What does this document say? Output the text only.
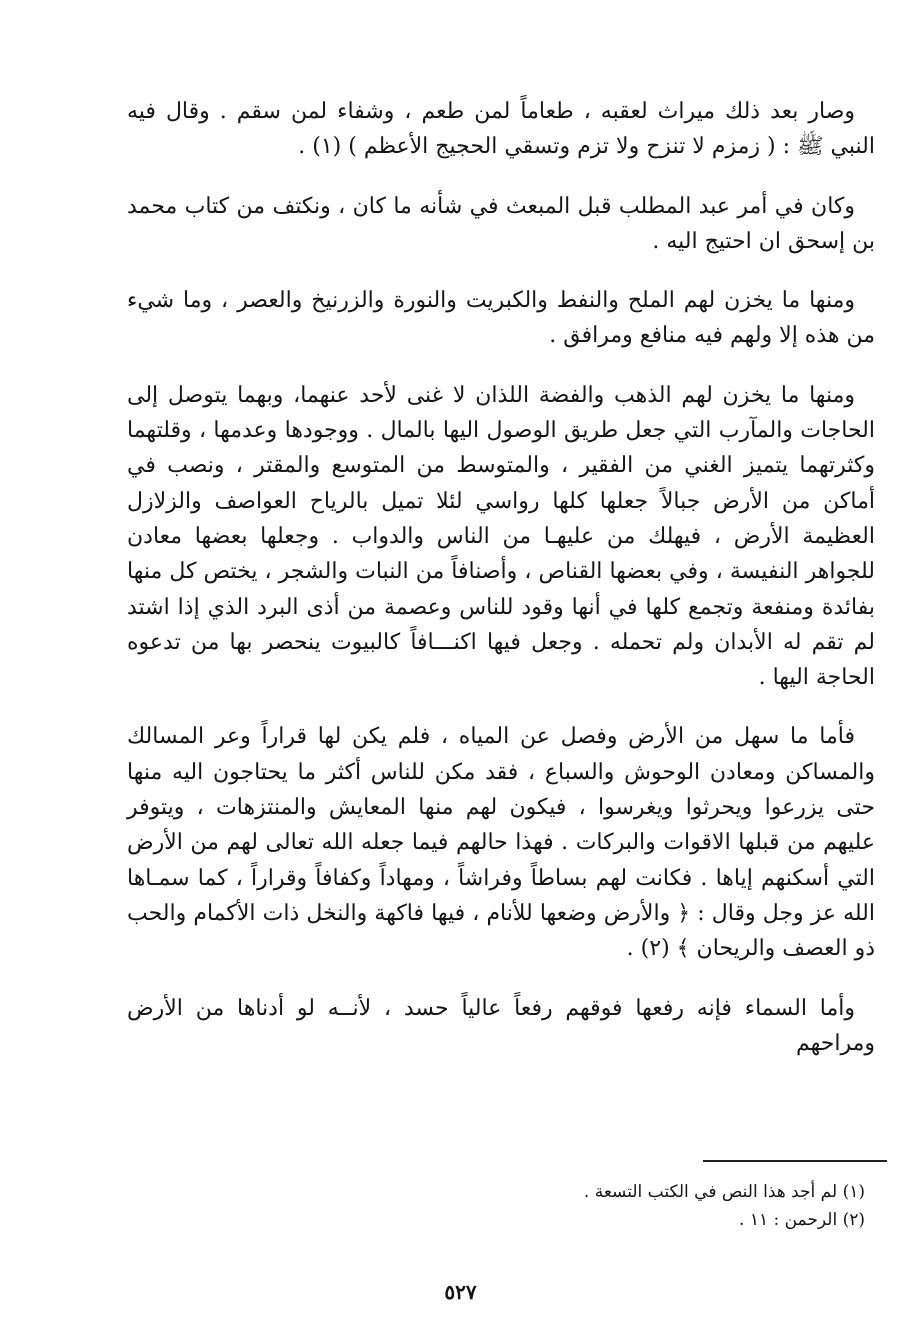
وصار بعد ذلك ميراث لعقبه ، طعاماً لمن طعم ، وشفاء لمن سقم . وقال فيه النبي ﷺ : ( زمزم لا تنزح ولا تزم وتسقي الحجيج الأعظم ) (١) .

وكان في أمر عبد المطلب قبل المبعث في شأنه ما كان ، ونكتف من كتاب محمد بن إسحق ان احتيج اليه .

ومنها ما يخزن لهم الملح والنفط والكبريت والنورة والزرنيخ والعصر ، وما شيء من هذه إلا ولهم فيه منافع ومرافق .

ومنها ما يخزن لهم الذهب والفضة اللذان لا غنى لأحد عنهما، وبهما يتوصل إلى الحاجات والمآرب التي جعل طريق الوصول اليها بالمال . ووجودها وعدمها ، وقلتهما وكثرتهما يتميز الغني من الفقير ، والمتوسط من المتوسع والمقتر ، ونصب في أماكن من الأرض جبالاً جعلها كلها رواسي لئلا تميل بالرياح العواصف والزلازل العظيمة الأرض ، فيهلك من عليهـا من الناس والدواب . وجعلها بعضها معادن للجواهر النفيسة ، وفي بعضها القناص ، وأصنافاً من النبات والشجر ، يختص كل منها بفائدة ومنفعة وتجمع كلها في أنها وقود للناس وعصمة من أذى البرد الذي إذا اشتد لم تقم له الأبدان ولم تحمله . وجعل فيها اكنـــافاً كالبيوت ينحصر بها من تدعوه الحاجة اليها .

فأما ما سهل من الأرض وفصل عن المياه ، فلم يكن لها قراراً وعر المسالك والمساكن ومعادن الوحوش والسباع ، فقد مكن للناس أكثر ما يحتاجون اليه منها حتى يزرعوا ويحرثوا ويغرسوا ، فيكون لهم منها المعايش والمنتزهات ، ويتوفر عليهم من قبلها الاقوات والبركات . فهذا حالهم فيما جعله الله تعالى لهم من الأرض التي أسكنهم إياها . فكانت لهم بساطاً وفراشاً ، ومهاداً وكفافاً وقراراً ، كما سمـاها الله عز وجل وقال : ﴿ والأرض وضعها للأنام ، فيها فاكهة والنخل ذات الأكمام والحب ذو العصف والريحان ﴾ (٢) .

وأما السماء فإنه رفعها فوقهم رفعاً عالياً حسد ، لأنــه لو أدناها من الأرض ومراحهم

(١) لم أجد هذا النص في الكتب التسعة .
(٢) الرحمن : ١١ .
٥٢٧
